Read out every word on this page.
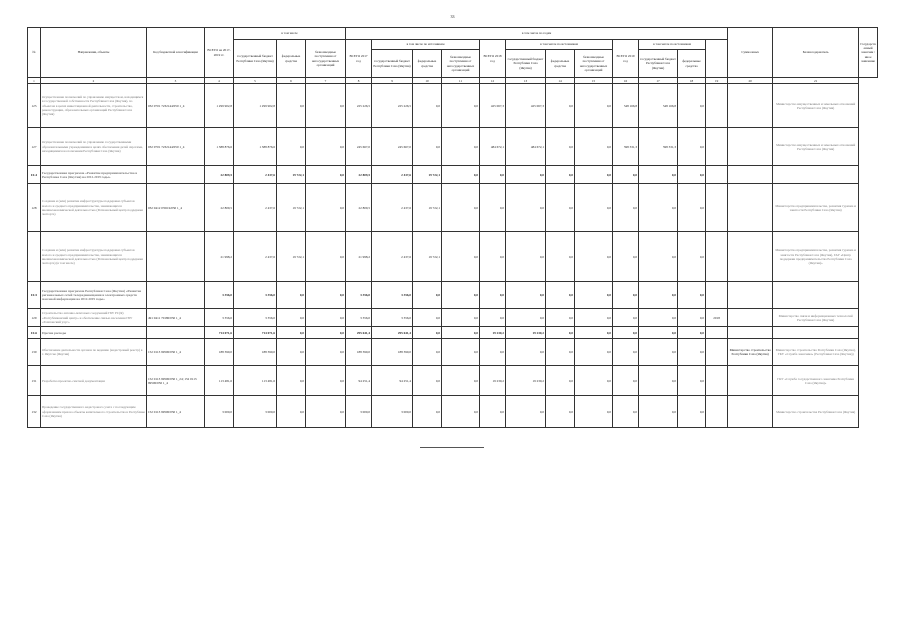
33
№	Направления, объекты	Код бюджетной классификации	ВСЕГО на 2017-2019 гг.	в том числе			в том числе по годам												Сумма иных	Балансодержатель	Государственный заказчик / иное заявление
				государственный бюджет Республики Саха (Якутия)	федеральные средства	безвозмездные поступления от негосударственных организаций	ВСЕГО 2017 год	в том числе по источникам			ВСЕГО 2018 год	в том числе по источникам			ВСЕГО 2019 год	в том числе по источникам					
								государственный бюджет Республики Саха (Якутия)	федеральные средства	безвозмездные поступления от негосударственных организаций		государственный бюджет Республики Саха (Якутия)	федеральные средства	безвозмездные поступления от негосударственных организаций		государственный бюджет Республики Саха (Якутия)	федеральные средства				
1	2	3	4	5	6	7	8	9	10	11	12	13	14	15	16	17	18	19	20	21	
125	Осуществление полномочий по управлению имуществом, находящимся в государственной собственности Республики Саха (Якутия), по объектам в целях инвестиционной деятельности, строительства, реконструкции, образовательных организаций Республики Саха (Якутия)	032 0701 7232144/050 1_4	1 299 902,8	1 299 902,8	0,0	0,0	225 226,5	225 226,5	0,0	0,0	425 067,3	425 067,3	0,0	0,0	548 166,8	548 166,8	0,0			Министерство имущественных и земельных отношений Республики Саха (Якутия)	
127	Осуществление полномочий по управлению государственными образовательными учреждениями в целях обеспечения детей сиротами, находящимися на попечении Республики Саха (Якутия)	032 0701 7232144/050 1_4	1 388 876,6	1 388 876,6	0,0	0,0	245 667,0	245 667,0	0,0	0,0	484 672,1	484 672,1	0,0	0,0	598 331,3	598 331,3	0,0			Министерство имущественных и земельных отношений Республики Саха (Якутия)	
IX.4	Государственная программа «Развитие предпринимательства в Республике Саха (Якутия) на 2012-2019 годы»		22 809,5	2 437,6	19 722,1	0,0	22 809,5	2 437,6	19 722,1	0,0	0,0	0,0	0,0	0,0	0,0	0,0	0,0				
128	Создание и (или) развитие инфраструктуры поддержки субъектов малого и среднего предпринимательства, занимающихся внешнеэкономической деятельностью (Региональный центр поддержки экспорта)	032 0412 0350/4/050 1_4	22 809,5	2 437,6	19 722,1	0,0	22 809,5	2 437,6	19 722,1	0,0	0,0	0,0	0,0	0,0	0,0	0,0	0,0			Министерство предпринимательства, развития туризма и занятости Республики Саха (Якутия)	
	Создание и (или) развитие инфраструктуры поддержки субъектов малого и среднего предпринимательства, занимающихся внешнеэкономической деятельностью (Региональный центр поддержки экспорта) (в том числе)		21 998,2	2 437,6	19 722,1	0,0	21 998,2	2 437,6	19 722,1	0,0	0,0	0,0	0,0	0,0	0,0	0,0	0,0			Министерство предпринимательства, развития туризма и занятости Республики Саха (Якутия), ГАУ «Центр поддержки предпринимательства Республики Саха (Якутия)»	
IX.5	Государственная программа Республики Саха (Якутия) «Развитие региональных сетей телерадиовещания и электронных средств массовой информации на 2012-2019 годы»		3 356,0	3 356,0	0,0	0,0	3 356,0	3 356,0	0,0	0,0	0,0	0,0	0,0	0,0	0,0	0,0	0,0				
129	Строительство антенно-мачтовых сооружений ГБУ РС(Я) «Республиканский центр» и обеспечение связью населения ГБУ «Томпонский улус»	491 0411 70180/050 1_4	3 356,0	3 356,0	0,0	0,0	3 356,0	3 356,0	0,0	0,0	0,0	0,0	0,0	0,0	0,0	0,0	0,0	2018		Министерство связи и информационных технологий Республики Саха (Якутия)	
IX.6	Прочие расходы		714 071,6	714 071,6	0,0	0,0	295 641,4	295 641,4	0,0	0,0	19 230,2	19 230,2	0,0	0,0	0,0	0,0	0,0				
130	Обеспечение деятельности органов по ведению (кадастровый реестр) в г. Якутске (Якутия)	152 0113 99500/050 1_4	188 390,0	188 390,0	0,0	0,0	188 390,0	188 390,0	0,0	0,0	0,0	0,0	0,0	0,0	0,0	0,0	0,0		Министерство строительства Республики Саха (Якутия)	Министерство строительства Республики Саха (Якутия), ГКУ «Служба заказчика» (Республики Саха (Якутия))	
131	Разработка проектно-сметной документации	152 0113 99500/050 1_24; 152 0113 99500/050 1_4	113 481,6	113 481,6	0,0	0,0	94 251,4	94 251,4	0,0	0,0	19 230,2	19 230,2	0,0	0,0	0,0	0,0	0,0			ГКУ «Служба государственного заказчика Республики Саха (Якутия)»	
132	Проведение государственного кадастрового учета с последующим оформлением прав на объекты капитального строительства в Республике Саха (Якутия)	152 0113 99500/050 1_4	3 000,0	3 000,0	0,0	0,0	3 000,0	3 000,0	0,0	0,0	0,0	0,0	0,0	0,0	0,0	0,0	0,0			Министерство строительства Республики Саха (Якутия)	
